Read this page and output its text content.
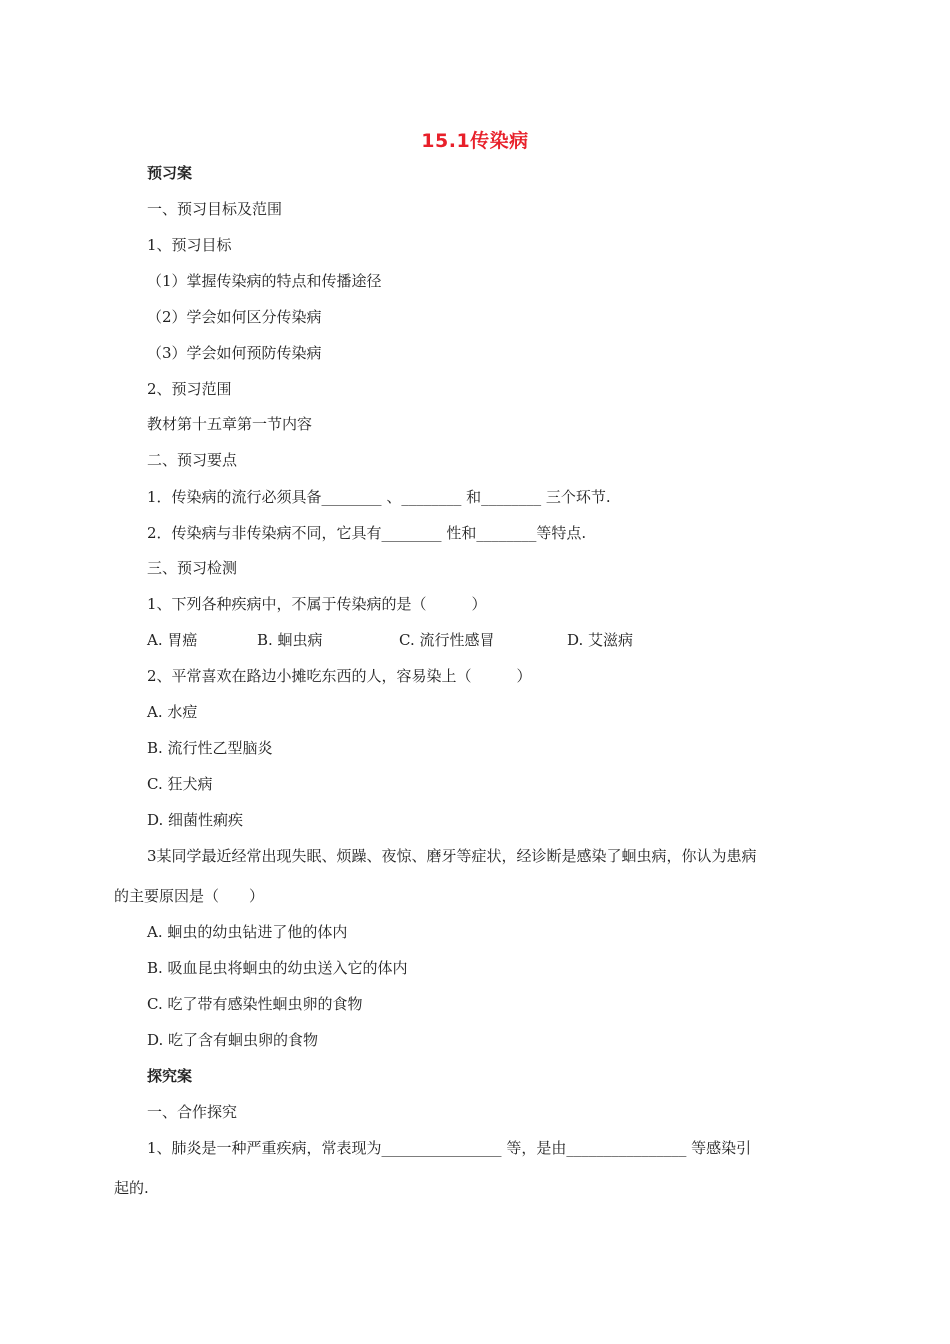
15.1传染病
预习案
一、预习目标及范围
1、预习目标
（1）掌握传染病的特点和传播途径
（2）学会如何区分传染病
（3）学会如何预防传染病
2、预习范围
教材第十五章第一节内容
二、预习要点
1．传染病的流行必须具备________ 、________ 和________ 三个环节.
2．传染病与非传染病不同，它具有________ 性和________等特点.
三、预习检测
1、下列各种疾病中，不属于传染病的是（　　　）
A. 胃癌	B. 蛔虫病	C. 流行性感冒	D. 艾滋病
2、平常喜欢在路边小摊吃东西的人，容易染上（　　　）
A. 水痘
B. 流行性乙型脑炎
C. 狂犬病
D. 细菌性痢疾
3某同学最近经常出现失眠、烦躁、夜惊、磨牙等症状，经诊断是感染了蛔虫病，你认为患病
的主要原因是（　　）
A. 蛔虫的幼虫钻进了他的体内
B. 吸血昆虫将蛔虫的幼虫送入它的体内
C. 吃了带有感染性蛔虫卵的食物
D. 吃了含有蛔虫卵的食物
探究案
一、合作探究
1、肺炎是一种严重疾病，常表现为________________ 等，是由________________ 等感染引
起的.
